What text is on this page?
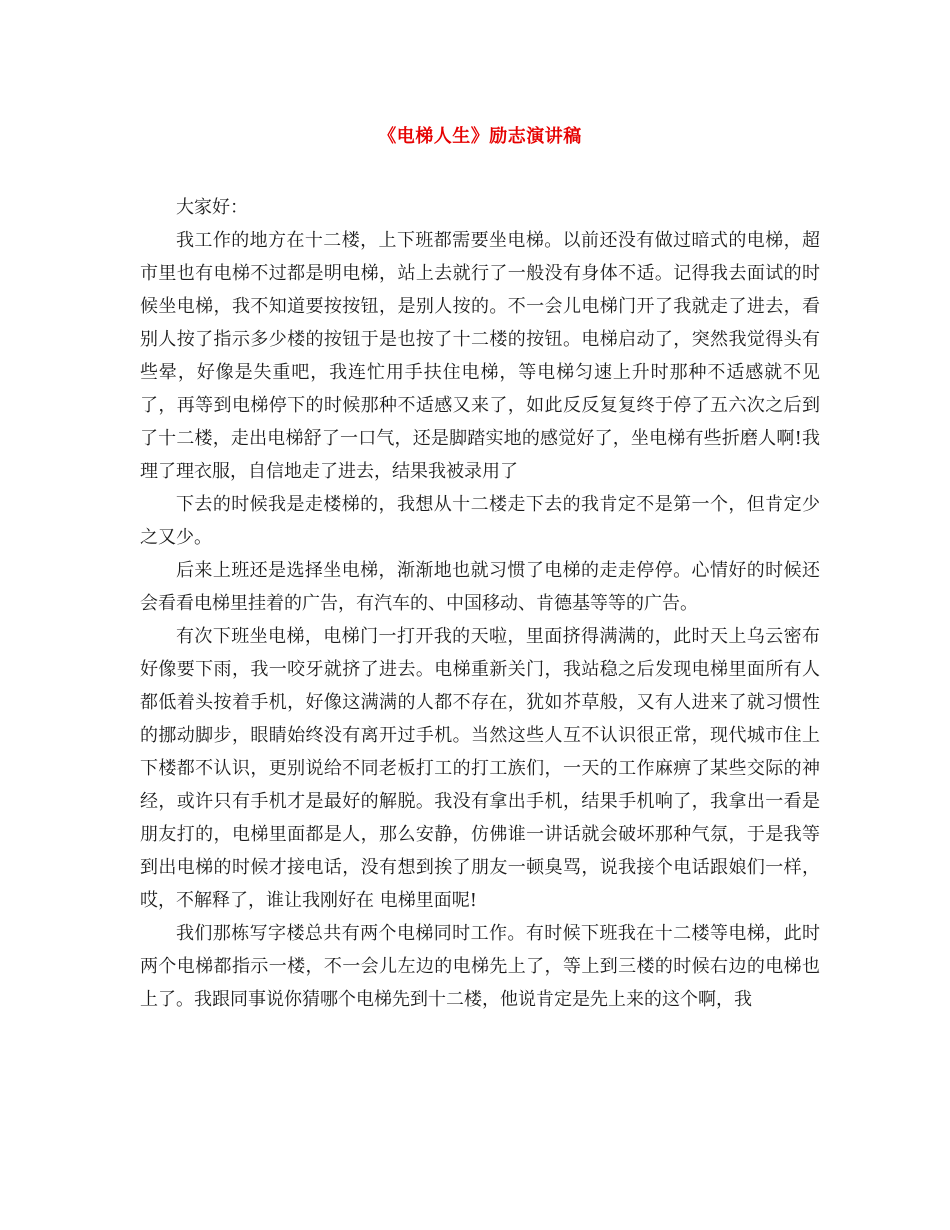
《电梯人生》励志演讲稿

大家好：

我工作的地方在十二楼，上下班都需要坐电梯。以前还没有做过暗式的电梯，超市里也有电梯不过都是明电梯，站上去就行了一般没有身体不适。记得我去面试的时候坐电梯，我不知道要按按钮，是别人按的。不一会儿电梯门开了我就走了进去，看别人按了指示多少楼的按钮于是也按了十二楼的按钮。电梯启动了，突然我觉得头有些晕，好像是失重吧，我连忙用手扶住电梯，等电梯匀速上升时那种不适感就不见了，再等到电梯停下的时候那种不适感又来了，如此反反复复终于停了五六次之后到了十二楼，走出电梯舒了一口气，还是脚踏实地的感觉好了，坐电梯有些折磨人啊!我理了理衣服，自信地走了进去，结果我被录用了

下去的时候我是走楼梯的，我想从十二楼走下去的我肯定不是第一个，但肯定少之又少。

后来上班还是选择坐电梯，渐渐地也就习惯了电梯的走走停停。心情好的时候还会看看电梯里挂着的广告，有汽车的、中国移动、肯德基等等的广告。

有次下班坐电梯，电梯门一打开我的天啦，里面挤得满满的，此时天上乌云密布好像要下雨，我一咬牙就挤了进去。电梯重新关门，我站稳之后发现电梯里面所有人都低着头按着手机，好像这满满的人都不存在，犹如芥草般，又有人进来了就习惯性的挪动脚步，眼睛始终没有离开过手机。当然这些人互不认识很正常，现代城市住上下楼都不认识，更别说给不同老板打工的打工族们，一天的工作麻痹了某些交际的神经，或许只有手机才是最好的解脱。我没有拿出手机，结果手机响了，我拿出一看是朋友打的，电梯里面都是人，那么安静，仿佛谁一讲话就会破坏那种气氛，于是我等到出电梯的时候才接电话，没有想到挨了朋友一顿臭骂，说我接个电话跟娘们一样，哎，不解释了，谁让我刚好在 电梯里面呢!

我们那栋写字楼总共有两个电梯同时工作。有时候下班我在十二楼等电梯，此时两个电梯都指示一楼，不一会儿左边的电梯先上了，等上到三楼的时候右边的电梯也上了。我跟同事说你猜哪个电梯先到十二楼，他说肯定是先上来的这个啊，我
